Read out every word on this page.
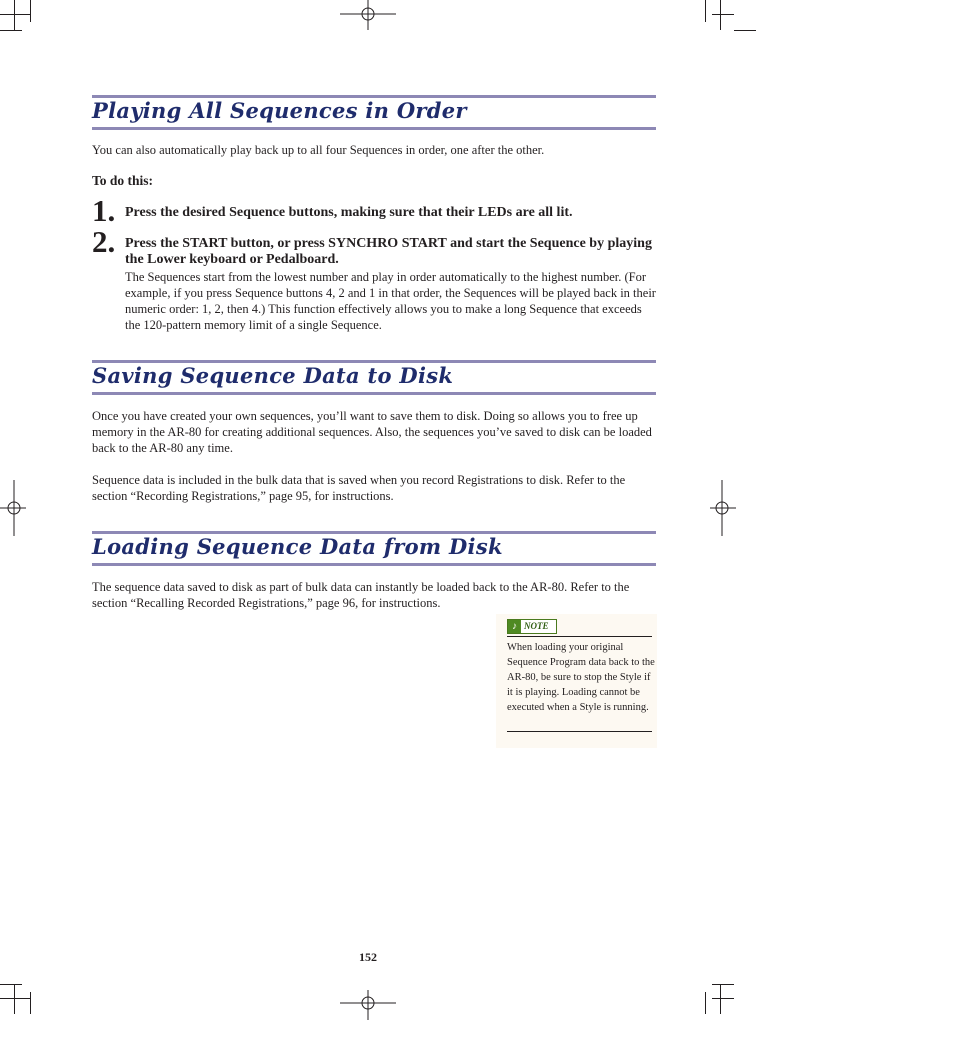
Playing All Sequences in Order

You can also automatically play back up to all four Sequences in order, one after the other.

To do this:
1. Press the desired Sequence buttons, making sure that their LEDs are all lit.

2. Press the START button, or press SYNCHRO START and start the Sequence by playing the Lower keyboard or Pedalboard.

The Sequences start from the lowest number and play in order automatically to the highest number. (For example, if you press Sequence buttons 4, 2 and 1 in that order, the Sequences will be played back in their numeric order: 1, 2, then 4.) This function effectively allows you to make a long Sequence that exceeds the 120-pattern memory limit of a single Sequence.

Saving Sequence Data to Disk

Once you have created your own sequences, you’ll want to save them to disk. Doing so allows you to free up memory in the AR-80 for creating additional sequences. Also, the sequences you’ve saved to disk can be loaded back to the AR-80 any time.

Sequence data is included in the bulk data that is saved when you record Registrations to disk. Refer to the section “Recording Registrations,” page 95, for instructions.

Loading Sequence Data from Disk

The sequence data saved to disk as part of bulk data can instantly be loaded back to the AR-80. Refer to the section “Recalling Recorded Registrations,” page 96, for instructions.

♪ NOTE

When loading your original Sequence Program data back to the AR-80, be sure to stop the Style if it is playing. Loading cannot be executed when a Style is running.

152
